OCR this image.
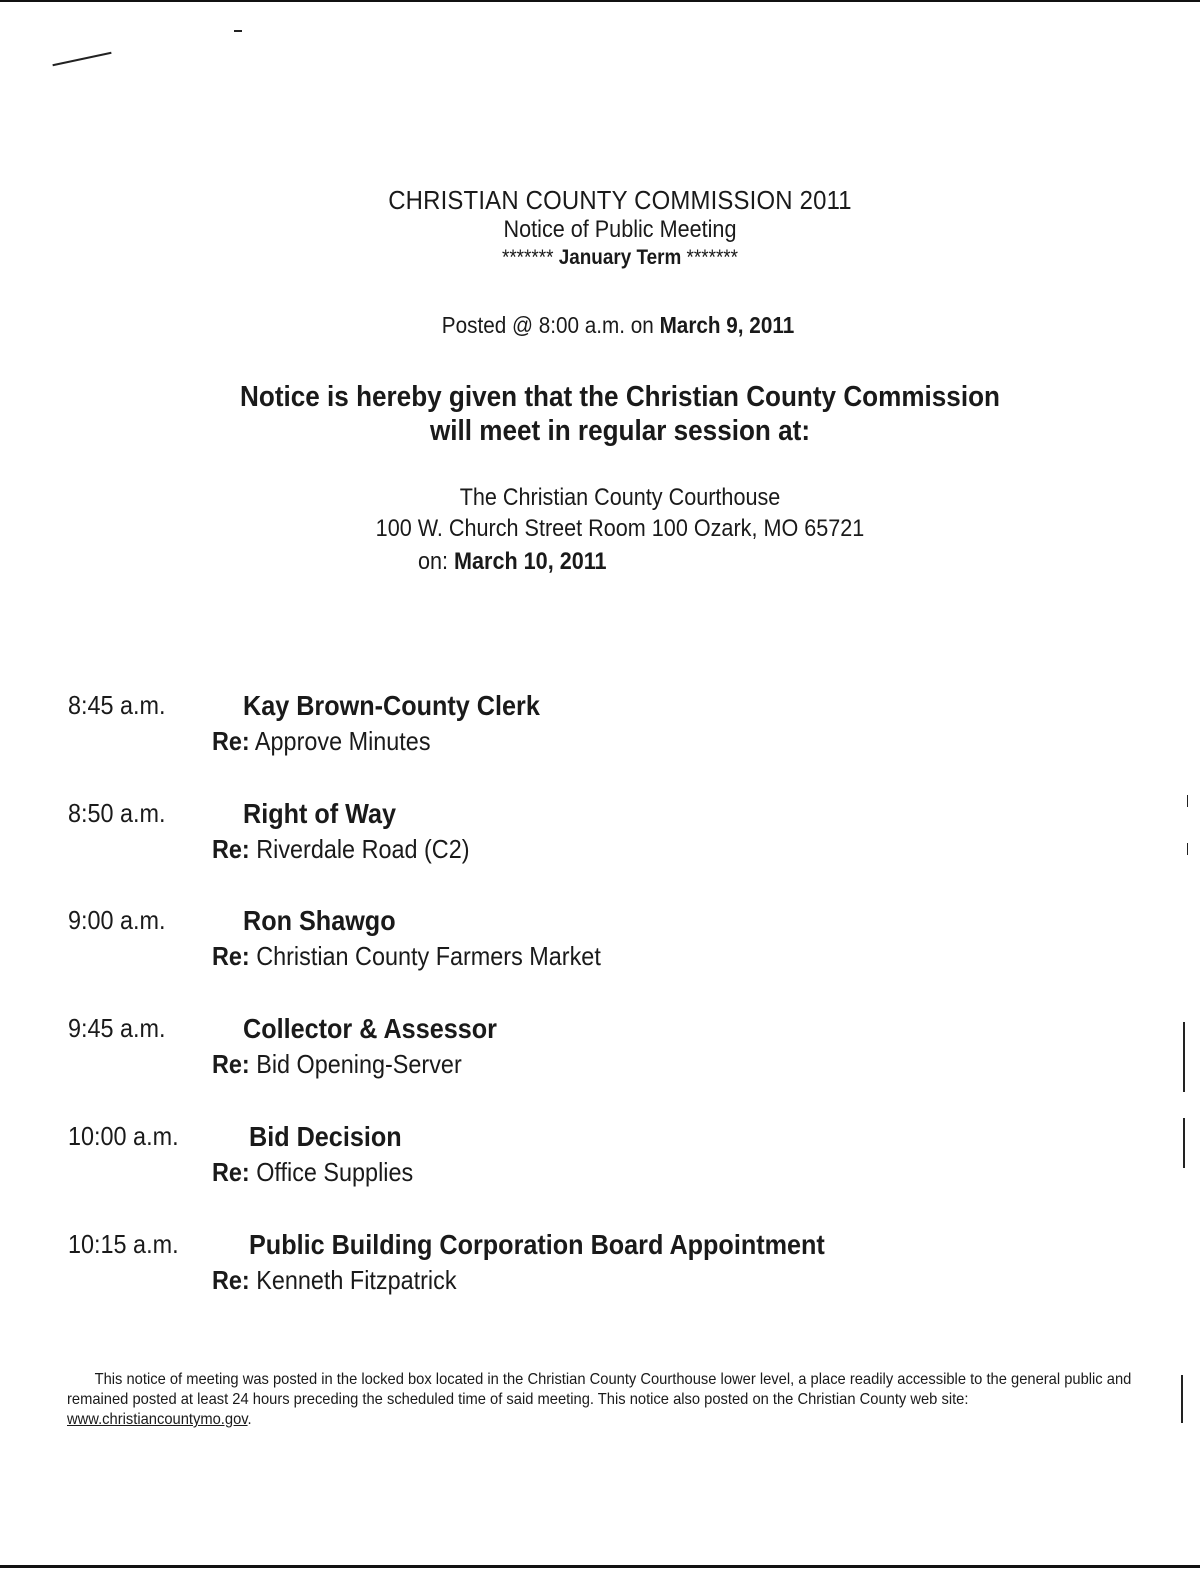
CHRISTIAN COUNTY COMMISSION 2011
Notice of Public Meeting
******* January Term *******
Posted @ 8:00 a.m. on March 9, 2011
Notice is hereby given that the Christian County Commission
will meet in regular session at:
The Christian County Courthouse
100 W. Church Street Room 100 Ozark, MO 65721
on: March 10, 2011
8:45 a.m.	Kay Brown-County Clerk
Re: Approve Minutes
8:50 a.m.	Right of Way
Re: Riverdale Road (C2)
9:00 a.m.	Ron Shawgo
Re: Christian County Farmers Market
9:45 a.m.	Collector & Assessor
Re: Bid Opening-Server
10:00 a.m.	Bid Decision
Re: Office Supplies
10:15 a.m.	Public Building Corporation Board Appointment
Re: Kenneth Fitzpatrick
This notice of meeting was posted in the locked box located in the Christian County Courthouse lower level, a place readily accessible to the general public and remained posted at least 24 hours preceding the scheduled time of said meeting. This notice also posted on the Christian County web site: www.christiancountymo.gov.
